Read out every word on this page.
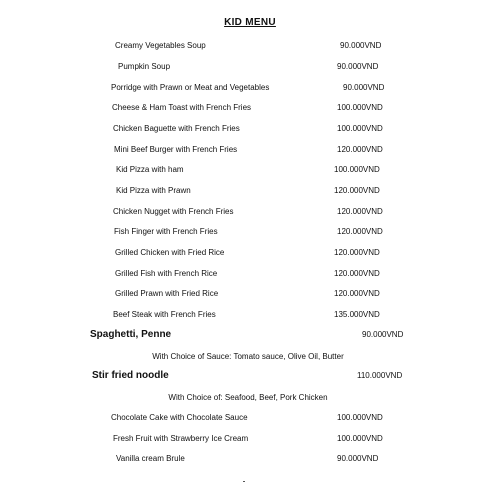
KID MENU
Creamy Vegetables Soup	90.000VND
Pumpkin Soup	90.000VND
Porridge with Prawn or Meat and Vegetables	90.000VND
Cheese & Ham Toast with French Fries	100.000VND
Chicken Baguette with French Fries	100.000VND
Mini Beef Burger with French Fries	120.000VND
Kid Pizza with ham	100.000VND
Kid Pizza with Prawn	120.000VND
Chicken Nugget with French Fries	120.000VND
Fish Finger with French Fries	120.000VND
Grilled Chicken with Fried Rice	120.000VND
Grilled Fish with French Rice	120.000VND
Grilled Prawn with Fried Rice	120.000VND
Beef Steak with French Fries	135.000VND
Spaghetti, Penne	90.000VND
With Choice of Sauce: Tomato sauce, Olive Oil, Butter
Stir fried noodle	110.000VND
With Choice of: Seafood, Beef, Pork Chicken
Chocolate Cake with Chocolate Sauce	100.000VND
Fresh Fruit with Strawberry Ice Cream	100.000VND
Vanilla cream Brule	90.000VND
